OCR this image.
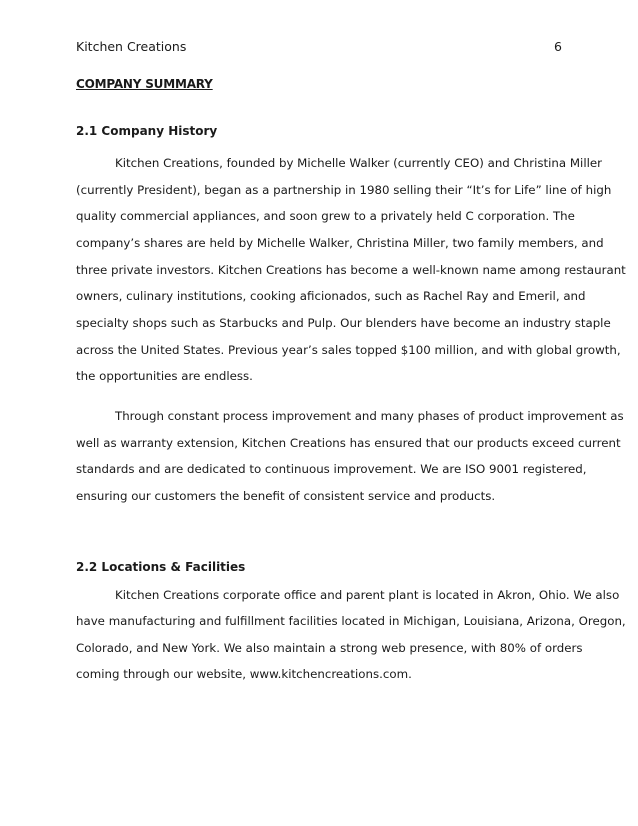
Kitchen Creations	6
COMPANY SUMMARY
2.1 Company History
Kitchen Creations, founded by Michelle Walker (currently CEO) and Christina Miller
(currently President), began as a partnership in 1980 selling their “It’s for Life” line of high
quality commercial appliances, and soon grew to a privately held C corporation. The
company’s shares are held by Michelle Walker, Christina Miller, two family members, and
three private investors. Kitchen Creations has become a well-known name among restaurant
owners, culinary institutions, cooking aficionados, such as Rachel Ray and Emeril, and
specialty shops such as Starbucks and Pulp. Our blenders have become an industry staple
across the United States. Previous year’s sales topped $100 million, and with global growth,
the opportunities are endless.
Through constant process improvement and many phases of product improvement as
well as warranty extension, Kitchen Creations has ensured that our products exceed current
standards and are dedicated to continuous improvement. We are ISO 9001 registered,
ensuring our customers the benefit of consistent service and products.
2.2 Locations & Facilities
Kitchen Creations corporate office and parent plant is located in Akron, Ohio. We also
have manufacturing and fulfillment facilities located in Michigan, Louisiana, Arizona, Oregon,
Colorado, and New York. We also maintain a strong web presence, with 80% of orders
coming through our website, www.kitchencreations.com.
